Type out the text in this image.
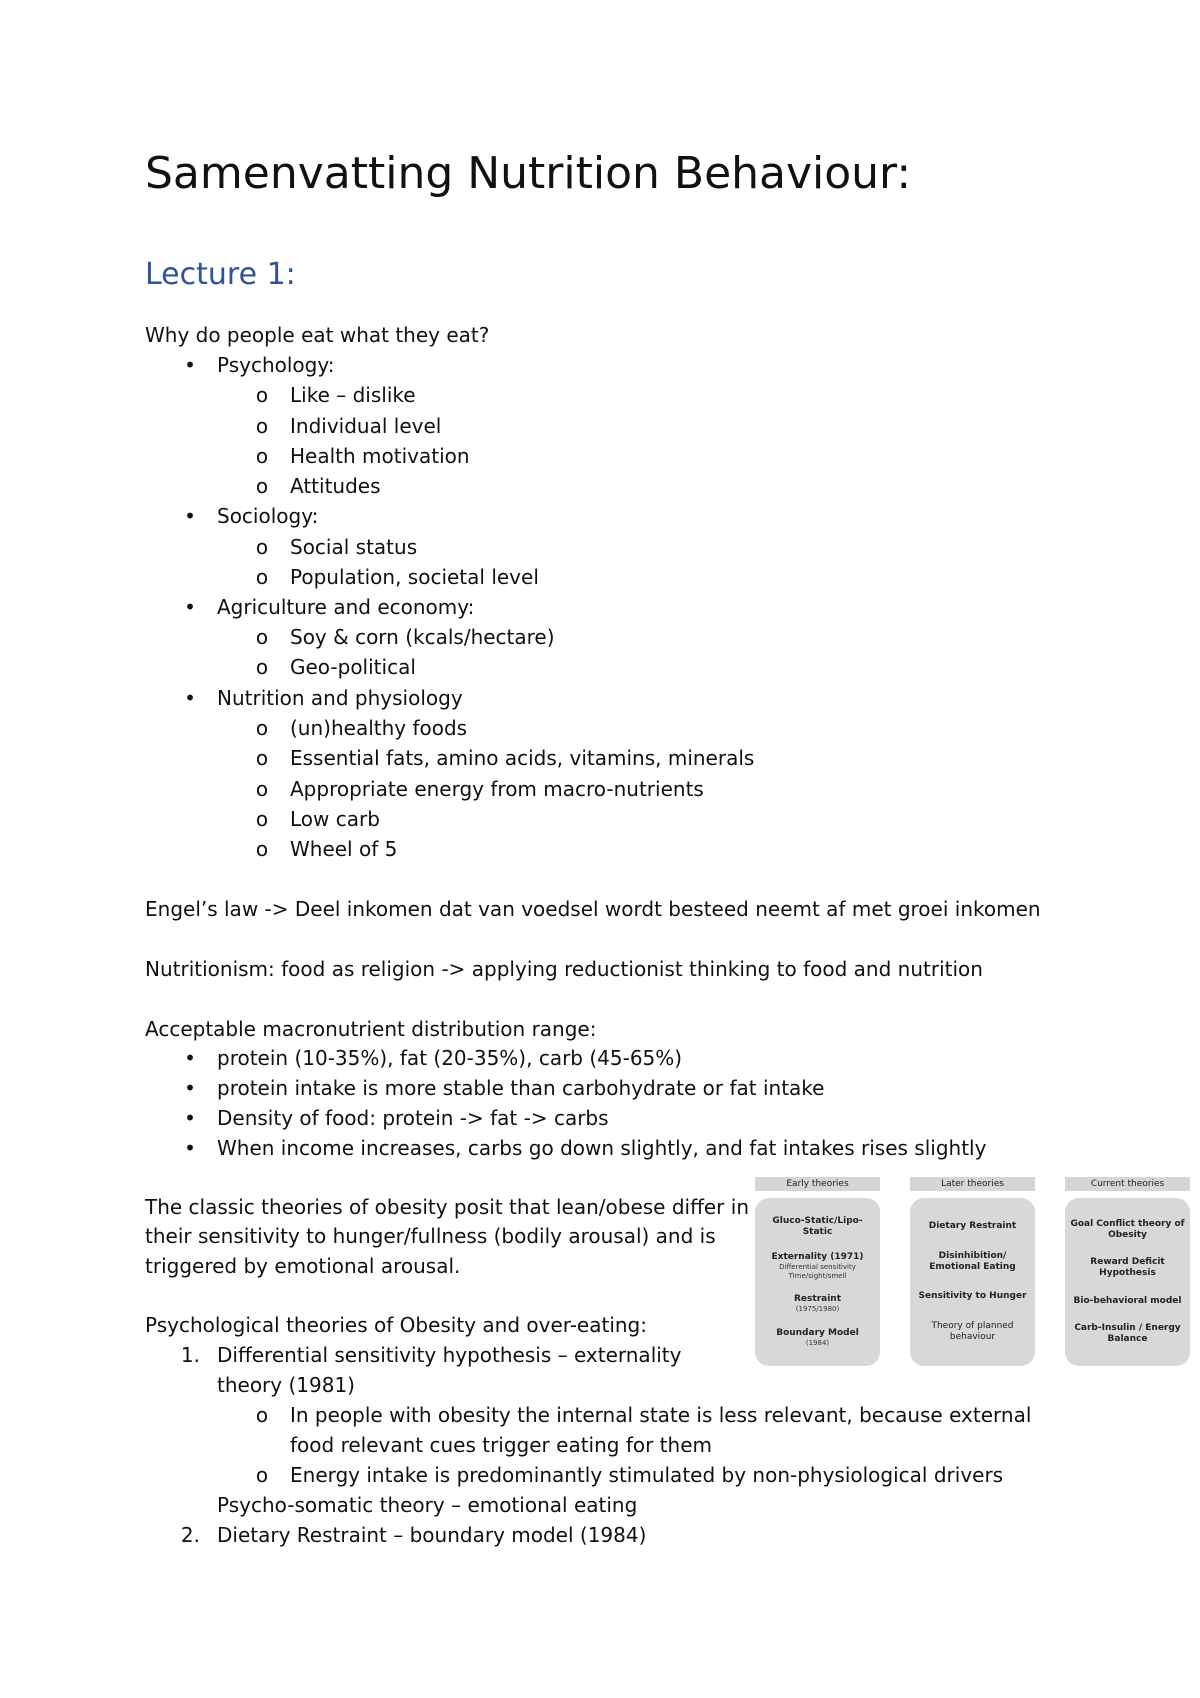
Samenvatting Nutrition Behaviour:
Lecture 1:

Why do people eat what they eat?

• Psychology:

o Like – dislike

o Individual level

o Health motivation

o Attitudes

• Sociology:

o Social status

o Population, societal level

• Agriculture and economy:

o Soy & corn (kcals/hectare)

o Geo-political

• Nutrition and physiology

o (un)healthy foods

o Essential fats, amino acids, vitamins, minerals

o Appropriate energy from macro-nutrients

o Low carb

o Wheel of 5

Engel’s law -> Deel inkomen dat van voedsel wordt besteed neemt af met groei inkomen

Nutritionism: food as religion -> applying reductionist thinking to food and nutrition

Acceptable macronutrient distribution range:

• protein (10-35%), fat (20-35%), carb (45-65%)

• protein intake is more stable than carbohydrate or fat intake

• Density of food: protein -> fat -> carbs

• When income increases, carbs go down slightly, and fat intakes rises slightly

The classic theories of obesity posit that lean/obese differ in

their sensitivity to hunger/fullness (bodily arousal) and is

triggered by emotional arousal.

Psychological theories of Obesity and over-eating:

1. Differential sensitivity hypothesis – externality

theory (1981)

o In people with obesity the internal state is less relevant, because external

food relevant cues trigger eating for them

o Energy intake is predominantly stimulated by non-physiological drivers

Psycho-somatic theory – emotional eating

2. Dietary Restraint – boundary model (1984)

Early theories
Gluco-Static/Lipo-Static
Externality (1971)
Differential sensitivity Time/sight/smell
Restraint
(1975/1980)
Boundary Model
(1984)
Later theories
Dietary Restraint
Disinhibition/ Emotional Eating
Sensitivity to Hunger
Theory of planned behaviour
Current theories
Goal Conflict theory of Obesity
Reward Deficit Hypothesis
Bio-behavioral model
Carb-Insulin / Energy Balance
